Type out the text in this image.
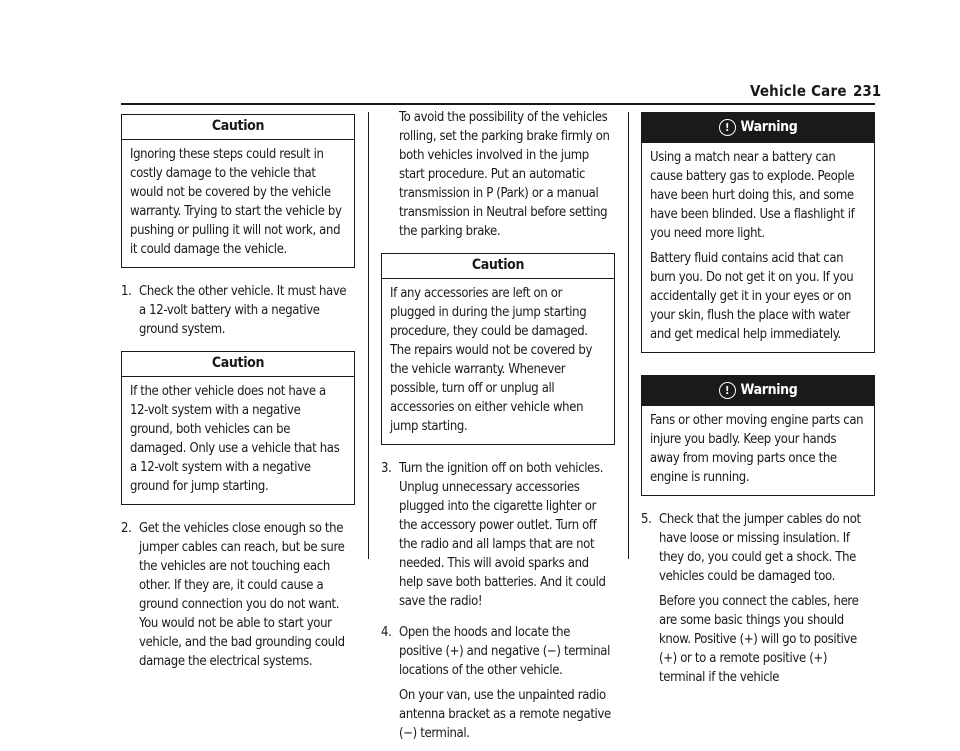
Vehicle Care 231
Caution
Ignoring these steps could result in costly damage to the vehicle that would not be covered by the vehicle warranty. Trying to start the vehicle by pushing or pulling it will not work, and it could damage the vehicle.
1. Check the other vehicle. It must have a 12-volt battery with a negative ground system.
Caution
If the other vehicle does not have a 12-volt system with a negative ground, both vehicles can be damaged. Only use a vehicle that has a 12-volt system with a negative ground for jump starting.
2. Get the vehicles close enough so the jumper cables can reach, but be sure the vehicles are not touching each other. If they are, it could cause a ground connection you do not want. You would not be able to start your vehicle, and the bad grounding could damage the electrical systems.
To avoid the possibility of the vehicles rolling, set the parking brake firmly on both vehicles involved in the jump start procedure. Put an automatic transmission in P (Park) or a manual transmission in Neutral before setting the parking brake.
Caution
If any accessories are left on or plugged in during the jump starting procedure, they could be damaged. The repairs would not be covered by the vehicle warranty. Whenever possible, turn off or unplug all accessories on either vehicle when jump starting.
3. Turn the ignition off on both vehicles. Unplug unnecessary accessories plugged into the cigarette lighter or the accessory power outlet. Turn off the radio and all lamps that are not needed. This will avoid sparks and help save both batteries. And it could save the radio!
4. Open the hoods and locate the positive (+) and negative (−) terminal locations of the other vehicle.
On your van, use the unpainted radio antenna bracket as a remote negative (−) terminal.
! Warning
Using a match near a battery can cause battery gas to explode. People have been hurt doing this, and some have been blinded. Use a flashlight if you need more light.
Battery fluid contains acid that can burn you. Do not get it on you. If you accidentally get it in your eyes or on your skin, flush the place with water and get medical help immediately.
! Warning
Fans or other moving engine parts can injure you badly. Keep your hands away from moving parts once the engine is running.
5. Check that the jumper cables do not have loose or missing insulation. If they do, you could get a shock. The vehicles could be damaged too.
Before you connect the cables, here are some basic things you should know. Positive (+) will go to positive (+) or to a remote positive (+) terminal if the vehicle
